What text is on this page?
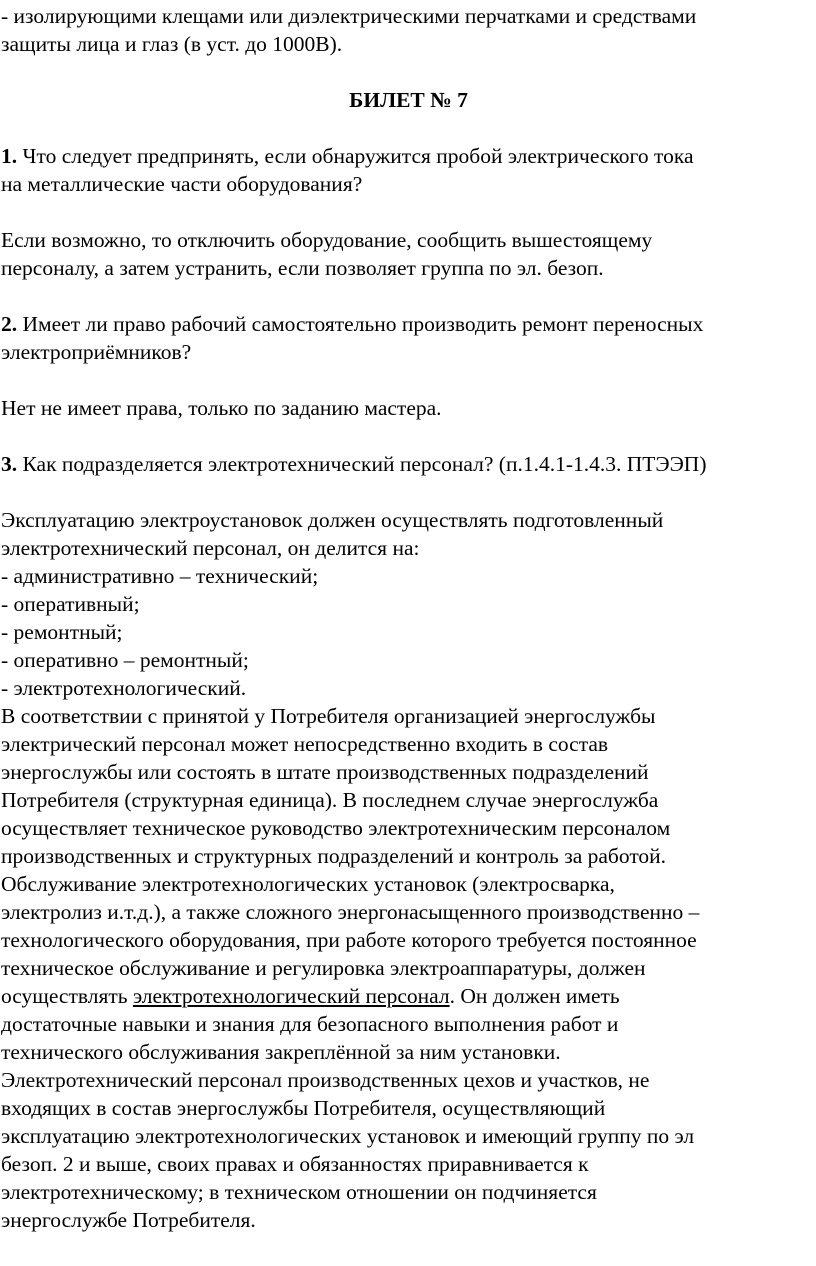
- изолирующими клещами или диэлектрическими перчатками и средствами
защиты лица и глаз (в уст. до 1000В).
БИЛЕТ № 7
1. Что следует предпринять, если обнаружится пробой электрического тока
на металлические части оборудования?
Если возможно, то отключить оборудование, сообщить вышестоящему
персоналу, а затем устранить, если позволяет группа по эл. безоп.
2. Имеет ли право рабочий самостоятельно производить ремонт переносных
электроприёмников?
Нет не имеет права, только по заданию мастера.
3. Как подразделяется электротехнический персонал? (п.1.4.1-1.4.3. ПТЭЭП)
Эксплуатацию электроустановок должен осуществлять подготовленный
электротехнический персонал, он делится на:
- административно – технический;
- оперативный;
- ремонтный;
- оперативно – ремонтный;
- электротехнологический.
В соответствии с принятой у Потребителя организацией энергослужбы
электрический персонал может непосредственно входить в состав
энергослужбы или состоять в штате производственных подразделений
Потребителя (структурная единица). В последнем случае энергослужба
осуществляет техническое руководство электротехническим персоналом
производственных и структурных подразделений и контроль за работой.
Обслуживание электротехнологических установок (электросварка,
электролиз и.т.д.), а также сложного энергонасыщенного производственно –
технологического оборудования, при работе которого требуется постоянное
техническое обслуживание и регулировка электроаппаратуры, должен
осуществлять электротехнологический персонал. Он должен иметь
достаточные навыки и знания для безопасного выполнения работ и
технического обслуживания закреплённой за ним установки.
Электротехнический персонал производственных цехов и участков, не
входящих в состав энергослужбы Потребителя, осуществляющий
эксплуатацию электротехнологических установок и имеющий группу по эл
безоп. 2 и выше, своих правах и обязанностях приравнивается к
электротехническому; в техническом отношении он подчиняется
энергослужбе Потребителя.
